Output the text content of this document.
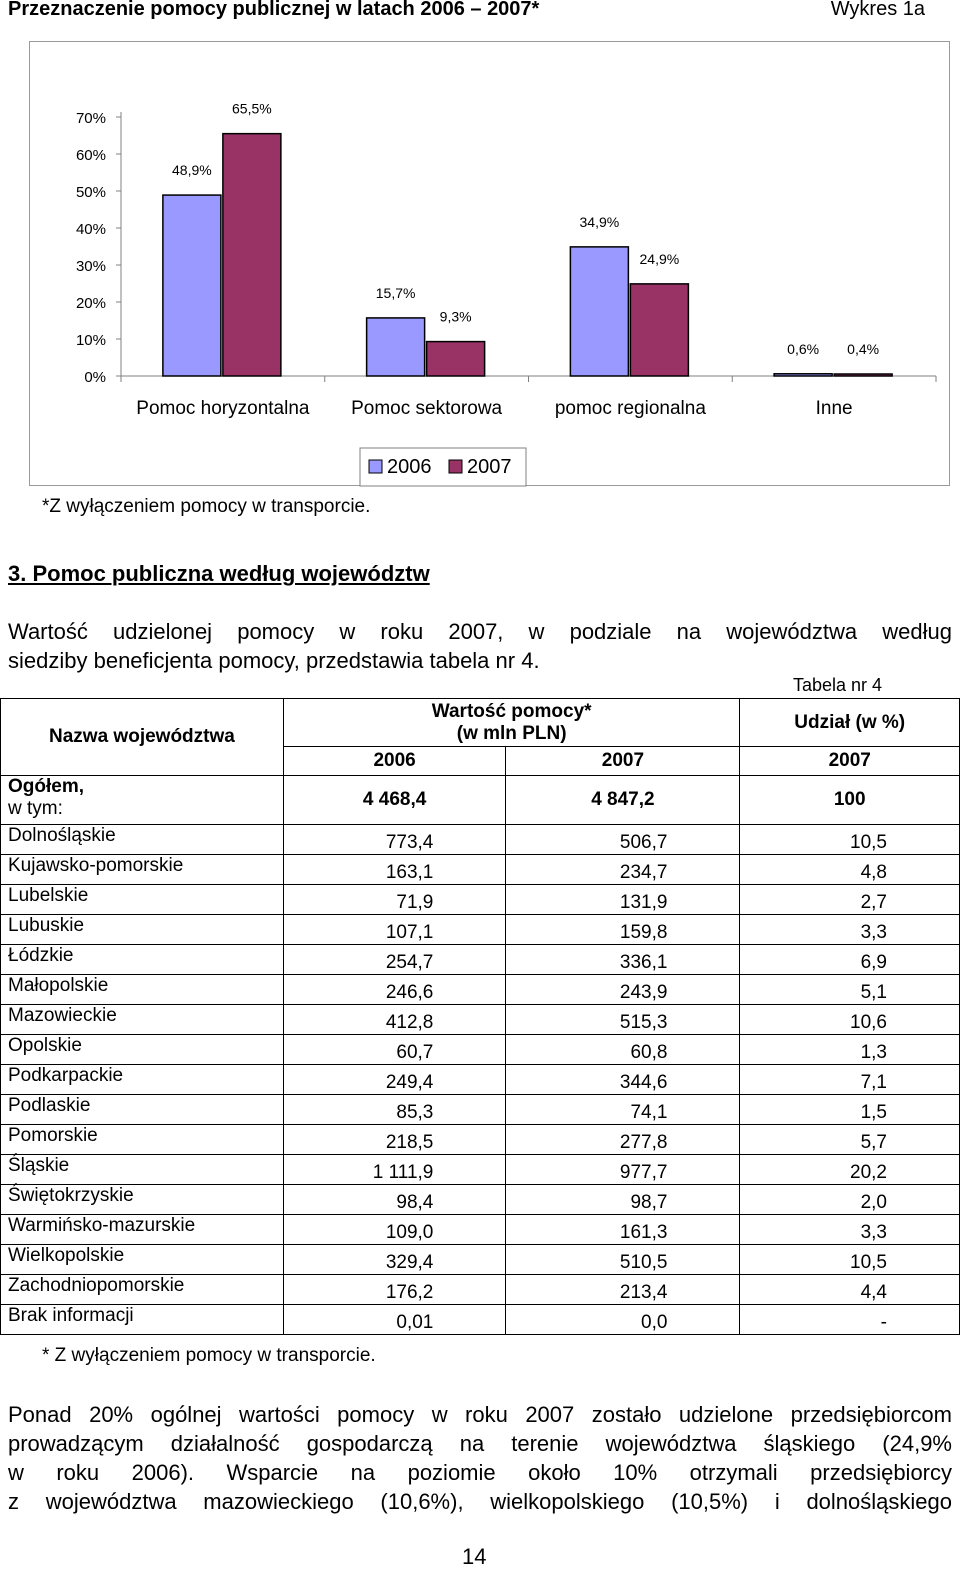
Przeznaczenie pomocy publicznej w latach 2006 – 2007*	Wykres 1a
0%
10%
20%
30%
40%
50%
60%
70%
Pomoc horyzontalna
48,9%
65,5%
Pomoc sektorowa
15,7%
9,3%
pomoc regionalna
34,9%
24,9%
Inne
0,6% 0,4%
2006 2007
*Z wyłączeniem pomocy w transporcie.
3. Pomoc publiczna według województw
Wartość udzielonej pomocy w roku 2007, w podziale na województwa według
siedziby beneficjenta pomocy, przedstawia tabela nr 4.
Tabela nr 4
Nazwa województwa	Wartość pomocy*
(w mln PLN)		Udział (w %)
	2006	2007	2007
Ogółem,
w tym:	4 468,4	4 847,2	100
Dolnośląskie	773,4	506,7	10,5
Kujawsko-pomorskie	163,1	234,7	4,8
Lubelskie	71,9	131,9	2,7
Lubuskie	107,1	159,8	3,3
Łódzkie	254,7	336,1	6,9
Małopolskie	246,6	243,9	5,1
Mazowieckie	412,8	515,3	10,6
Opolskie	60,7	60,8	1,3
Podkarpackie	249,4	344,6	7,1
Podlaskie	85,3	74,1	1,5
Pomorskie	218,5	277,8	5,7
Śląskie	1 111,9	977,7	20,2
Świętokrzyskie	98,4	98,7	2,0
Warmińsko-mazurskie	109,0	161,3	3,3
Wielkopolskie	329,4	510,5	10,5
Zachodniopomorskie	176,2	213,4	4,4
Brak informacji	0,01	0,0	-
* Z wyłączeniem pomocy w transporcie.
Ponad 20% ogólnej wartości pomocy w roku 2007 zostało udzielone przedsiębiorcom
prowadzącym działalność gospodarczą na terenie województwa śląskiego (24,9%
w roku 2006). Wsparcie na poziomie około 10% otrzymali przedsiębiorcy
z województwa mazowieckiego (10,6%), wielkopolskiego (10,5%) i dolnośląskiego
14
